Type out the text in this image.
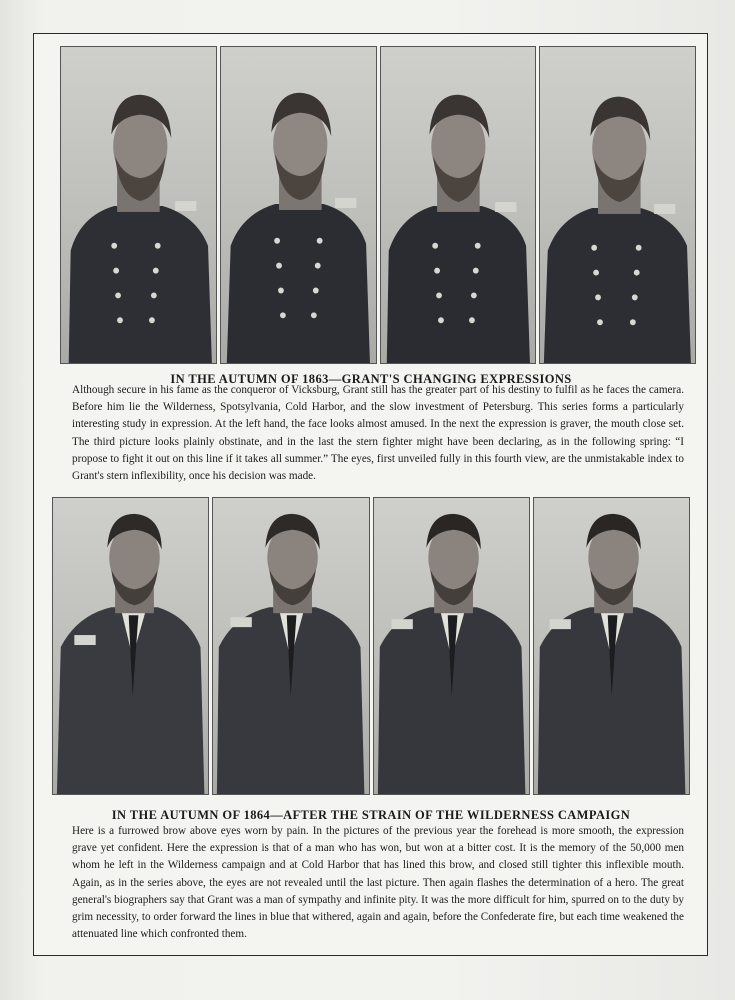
IN THE AUTUMN OF 1863—GRANT'S CHANGING EXPRESSIONS
Although secure in his fame as the conqueror of Vicksburg, Grant still has the greater part of his destiny to fulfil as he faces the camera. Before him lie the Wilderness, Spotsylvania, Cold Harbor, and the slow investment of Petersburg. This series forms a particularly interesting study in expression. At the left hand, the face looks almost amused. In the next the expression is graver, the mouth close set. The third picture looks plainly obstinate, and in the last the stern fighter might have been declaring, as in the following spring: “I propose to fight it out on this line if it takes all summer.” The eyes, first unveiled fully in this fourth view, are the unmistakable index to Grant's stern inflexibility, once his decision was made.
IN THE AUTUMN OF 1864—AFTER THE STRAIN OF THE WILDERNESS CAMPAIGN
Here is a furrowed brow above eyes worn by pain. In the pictures of the previous year the forehead is more smooth, the expression grave yet confident. Here the expression is that of a man who has won, but won at a bitter cost. It is the memory of the 50,000 men whom he left in the Wilderness campaign and at Cold Harbor that has lined this brow, and closed still tighter this inflexible mouth. Again, as in the series above, the eyes are not revealed until the last picture. Then again flashes the determination of a hero. The great general's biographers say that Grant was a man of sympathy and infinite pity. It was the more difficult for him, spurred on to the duty by grim necessity, to order forward the lines in blue that withered, again and again, before the Confederate fire, but each time weakened the attenuated line which confronted them.
